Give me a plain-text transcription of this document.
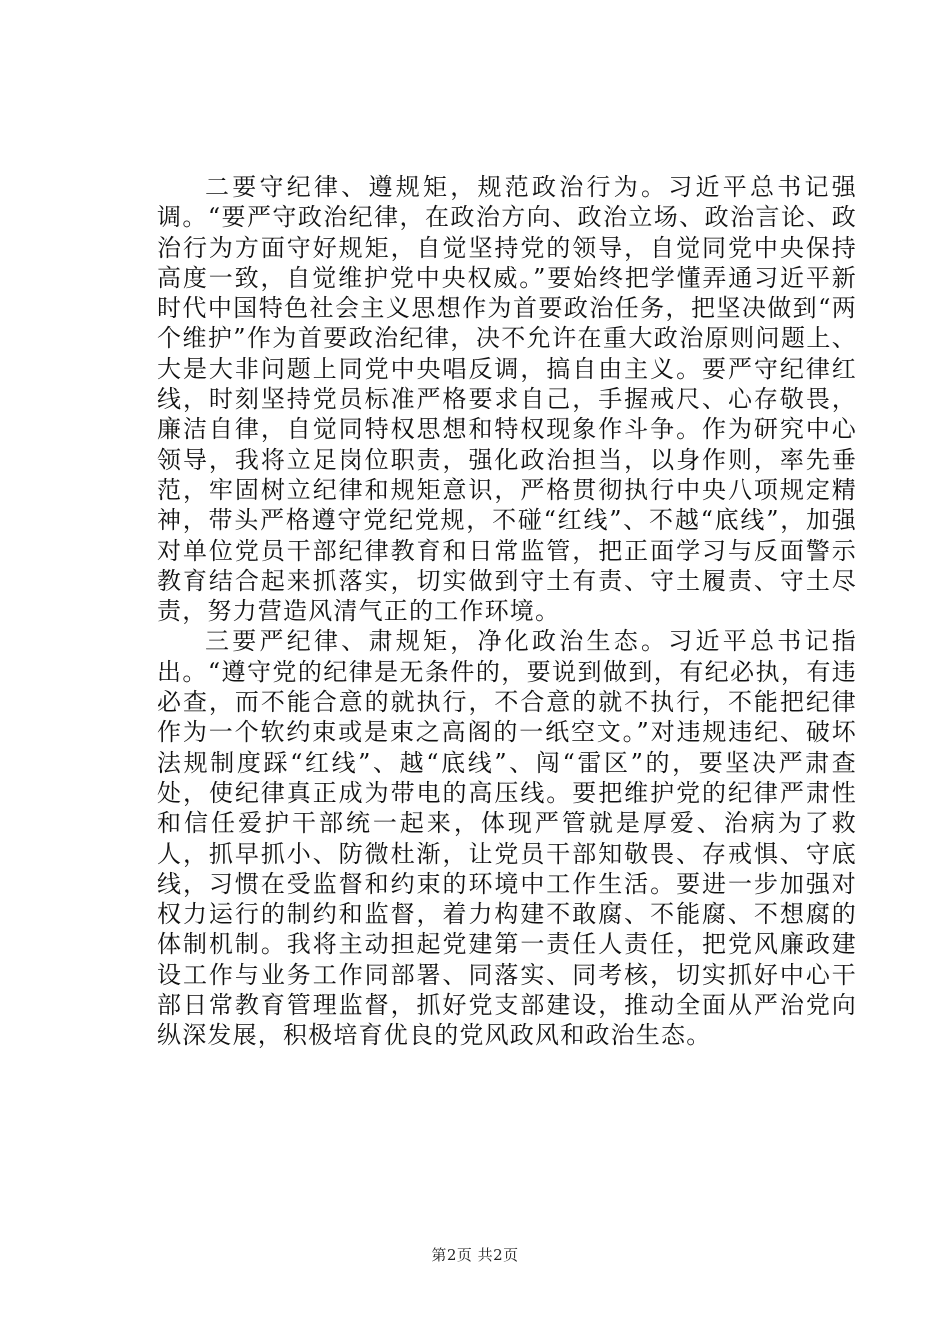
二要守纪律、遵规矩，规范政治行为。习近平总书记强调。“要严守政治纪律，在政治方向、政治立场、政治言论、政治行为方面守好规矩，自觉坚持党的领导，自觉同党中央保持高度一致，自觉维护党中央权威。”要始终把学懂弄通习近平新时代中国特色社会主义思想作为首要政治任务，把坚决做到“两个维护”作为首要政治纪律，决不允许在重大政治原则问题上、大是大非问题上同党中央唱反调，搞自由主义。要严守纪律红线，时刻坚持党员标准严格要求自己，手握戒尺、心存敬畏，廉洁自律，自觉同特权思想和特权现象作斗争。作为研究中心领导，我将立足岗位职责，强化政治担当，以身作则，率先垂范，牢固树立纪律和规矩意识，严格贯彻执行中央八项规定精神，带头严格遵守党纪党规，不碰“红线”、不越“底线”，加强对单位党员干部纪律教育和日常监管，把正面学习与反面警示教育结合起来抓落实，切实做到守土有责、守土履责、守土尽责，努力营造风清气正的工作环境。

三要严纪律、肃规矩，净化政治生态。习近平总书记指出。“遵守党的纪律是无条件的，要说到做到，有纪必执，有违必查，而不能合意的就执行，不合意的就不执行，不能把纪律作为一个软约束或是束之高阁的一纸空文。”对违规违纪、破坏法规制度踩“红线”、越“底线”、闯“雷区”的，要坚决严肃查处，使纪律真正成为带电的高压线。要把维护党的纪律严肃性和信任爱护干部统一起来，体现严管就是厚爱、治病为了救人，抓早抓小、防微杜渐，让党员干部知敬畏、存戒惧、守底线，习惯在受监督和约束的环境中工作生活。要进一步加强对权力运行的制约和监督，着力构建不敢腐、不能腐、不想腐的体制机制。我将主动担起党建第一责任人责任，把党风廉政建设工作与业务工作同部署、同落实、同考核，切实抓好中心干部日常教育管理监督，抓好党支部建设，推动全面从严治党向纵深发展，积极培育优良的党风政风和政治生态。

第2页 共2页
